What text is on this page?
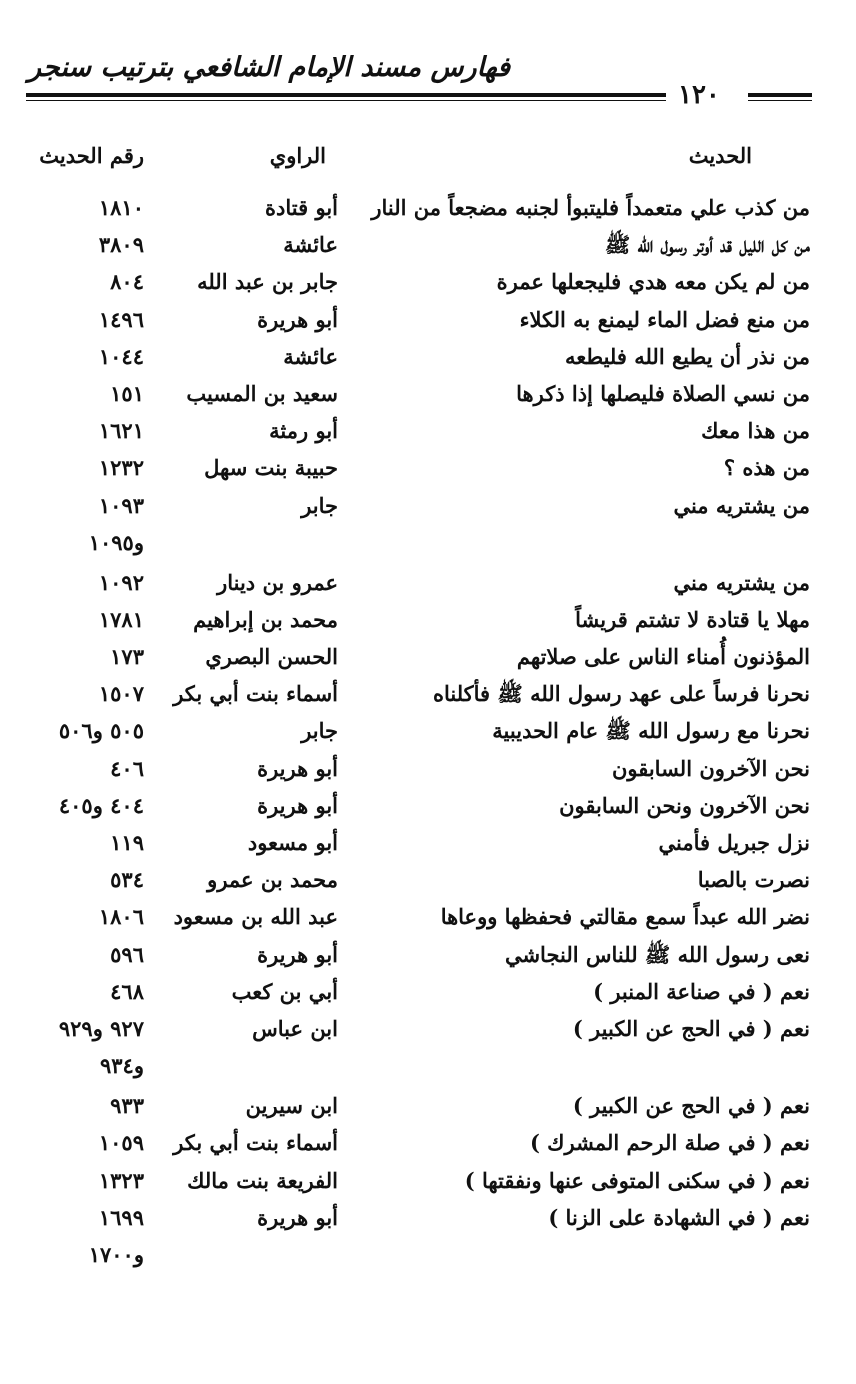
فهارس مسند الإمام الشافعي بترتيب سنجر
١٢٠
الحديث
الراوي
رقم الحديث
من كذب علي متعمداً فليتبوأ لجنبه مضجعاً من النار
أبو قتادة
١٨١٠
من كل الليل قد أوتر رسول الله ﷺ
عائشة
٣٨٠٩
من لم يكن معه هدي فليجعلها عمرة
جابر بن عبد الله
٨٠٤
من منع فضل الماء ليمنع به الكلاء
أبو هريرة
١٤٩٦
من نذر أن يطيع الله فليطعه
عائشة
١٠٤٤
من نسي الصلاة فليصلها إذا ذكرها
سعيد بن المسيب
١٥١
من هذا معك
أبو رمثة
١٦٢١
من هذه ؟
حبيبة بنت سهل
١٢٣٢
من يشتريه مني
جابر
١٠٩٣
و١٠٩٥
من يشتريه مني
عمرو بن دينار
١٠٩٢
مهلا يا قتادة لا تشتم قريشاً
محمد بن إبراهيم
١٧٨١
المؤذنون أُمناء الناس على صلاتهم
الحسن البصري
١٧٣
نحرنا فرساً على عهد رسول الله ﷺ فأكلناه
أسماء بنت أبي بكر
١٥٠٧
نحرنا مع رسول الله ﷺ عام الحديبية
جابر
٥٠٥ و٥٠٦
نحن الآخرون السابقون
أبو هريرة
٤٠٦
نحن الآخرون ونحن السابقون
أبو هريرة
٤٠٤ و٤٠٥
نزل جبريل فأمني
أبو مسعود
١١٩
نصرت بالصبا
محمد بن عمرو
٥٣٤
نضر الله عبداً سمع مقالتي فحفظها ووعاها
عبد الله بن مسعود
١٨٠٦
نعى رسول الله ﷺ للناس النجاشي
أبو هريرة
٥٩٦
نعم ( في صناعة المنبر )
أبي بن كعب
٤٦٨
نعم ( في الحج عن الكبير )
ابن عباس
٩٢٧ و٩٢٩
و٩٣٤
نعم ( في الحج عن الكبير )
ابن سيرين
٩٣٣
نعم ( في صلة الرحم المشرك )
أسماء بنت أبي بكر
١٠٥٩
نعم ( في سكنى المتوفى عنها ونفقتها )
الفريعة بنت مالك
١٣٢٣
نعم ( في الشهادة على الزنا )
أبو هريرة
١٦٩٩
و١٧٠٠
